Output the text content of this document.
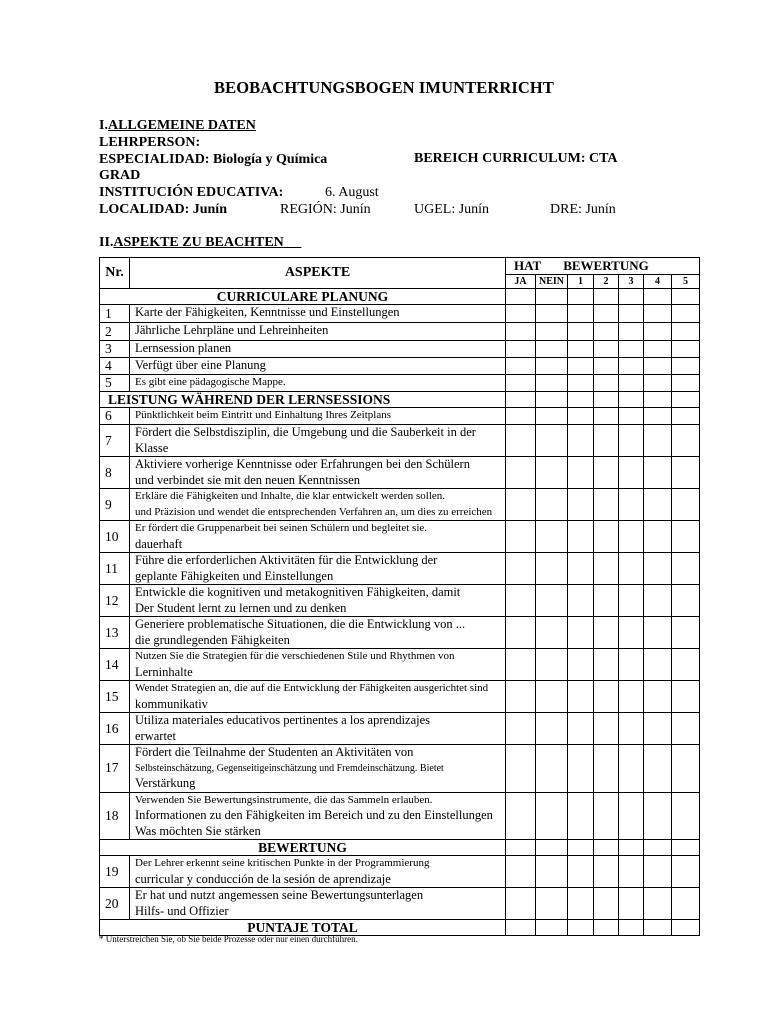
BEOBACHTUNGSBOGEN IMUNTERRICHT
I.ALLGEMEINE DATEN
LEHRPERSON:
ESPECIALIDAD: Biología y Química	BEREICH CURRICULUM: CTA
GRAD
INSTITUCIÓN EDUCATIVA:	6. August
LOCALIDAD: Junín	REGIÓN: Junín	UGEL: Junín	DRE: Junín
II.ASPEKTE ZU BEACHTEN
Nr.	ASPEKTE	HAT BEWERTUNG						
		JA	NEIN	1	2	3	4	5
CURRICULARE PLANUNG								
1	Karte der Fähigkeiten, Kenntnisse und Einstellungen							

2	Jährliche Lehrpläne und Lehreinheiten							

3	Lernsession planen							

4	Verfügt über eine Planung							

5	Es gibt eine pädagogische Mappe.							

LEISTUNG WÄHREND DER LERNSESSIONS								
6	Pünktlichkeit beim Eintritt und Einhaltung Ihres Zeitplans							

7	Fördert die Selbstdisziplin, die Umgebung und die Sauberkeit in der
Klasse							

8	Aktiviere vorherige Kenntnisse oder Erfahrungen bei den Schülern
und verbindet sie mit den neuen Kenntnissen							

9	Erkläre die Fähigkeiten und Inhalte, die klar entwickelt werden sollen.
und Präzision und wendet die entsprechenden Verfahren an, um dies zu erreichen							

10	Er fördert die Gruppenarbeit bei seinen Schülern und begleitet sie.
dauerhaft							

11	Führe die erforderlichen Aktivitäten für die Entwicklung der
geplante Fähigkeiten und Einstellungen							

12	Entwickle die kognitiven und metakognitiven Fähigkeiten, damit
Der Student lernt zu lernen und zu denken							

13	Generiere problematische Situationen, die die Entwicklung von ...
die grundlegenden Fähigkeiten							

14	Nutzen Sie die Strategien für die verschiedenen Stile und Rhythmen von
Lerninhalte							

15	Wendet Strategien an, die auf die Entwicklung der Fähigkeiten ausgerichtet sind
kommunikativ							

16	Utiliza materiales educativos pertinentes a los aprendizajes
erwartet							

17	Fördert die Teilnahme der Studenten an Aktivitäten von
Selbsteinschätzung, Gegenseitigeinschätzung und Fremdeinschätzung. Bietet
Verstärkung							

18	Verwenden Sie Bewertungsinstrumente, die das Sammeln erlauben.
Informationen zu den Fähigkeiten im Bereich und zu den Einstellungen
Was möchten Sie stärken							

BEWERTUNG								
19	Der Lehrer erkennt seine kritischen Punkte in der Programmierung
curricular y conducción de la sesión de aprendizaje							

20	Er hat und nutzt angemessen seine Bewertungsunterlagen
Hilfs- und Offizier							

PUNTAJE TOTAL								
* Unterstreichen Sie, ob Sie beide Prozesse oder nur einen durchführen.
